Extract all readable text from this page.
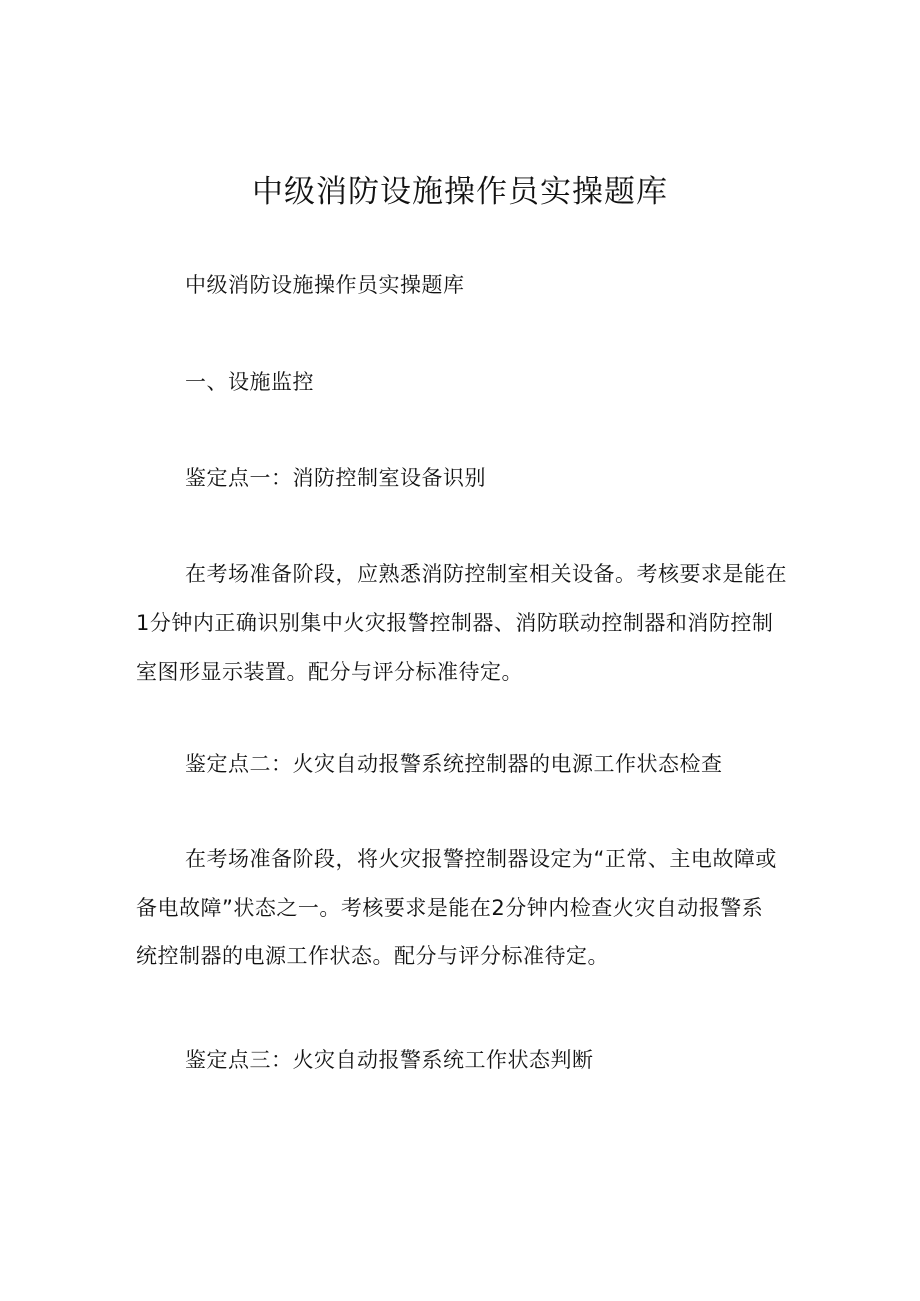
中级消防设施操作员实操题库

中级消防设施操作员实操题库

一、设施监控

鉴定点一：消防控制室设备识别

在考场准备阶段，应熟悉消防控制室相关设备。考核要求是能在

1分钟内正确识别集中火灾报警控制器、消防联动控制器和消防控制

室图形显示装置。配分与评分标准待定。

鉴定点二：火灾自动报警系统控制器的电源工作状态检查

在考场准备阶段，将火灾报警控制器设定为“正常、主电故障或

备电故障”状态之一。考核要求是能在2分钟内检查火灾自动报警系

统控制器的电源工作状态。配分与评分标准待定。

鉴定点三：火灾自动报警系统工作状态判断
